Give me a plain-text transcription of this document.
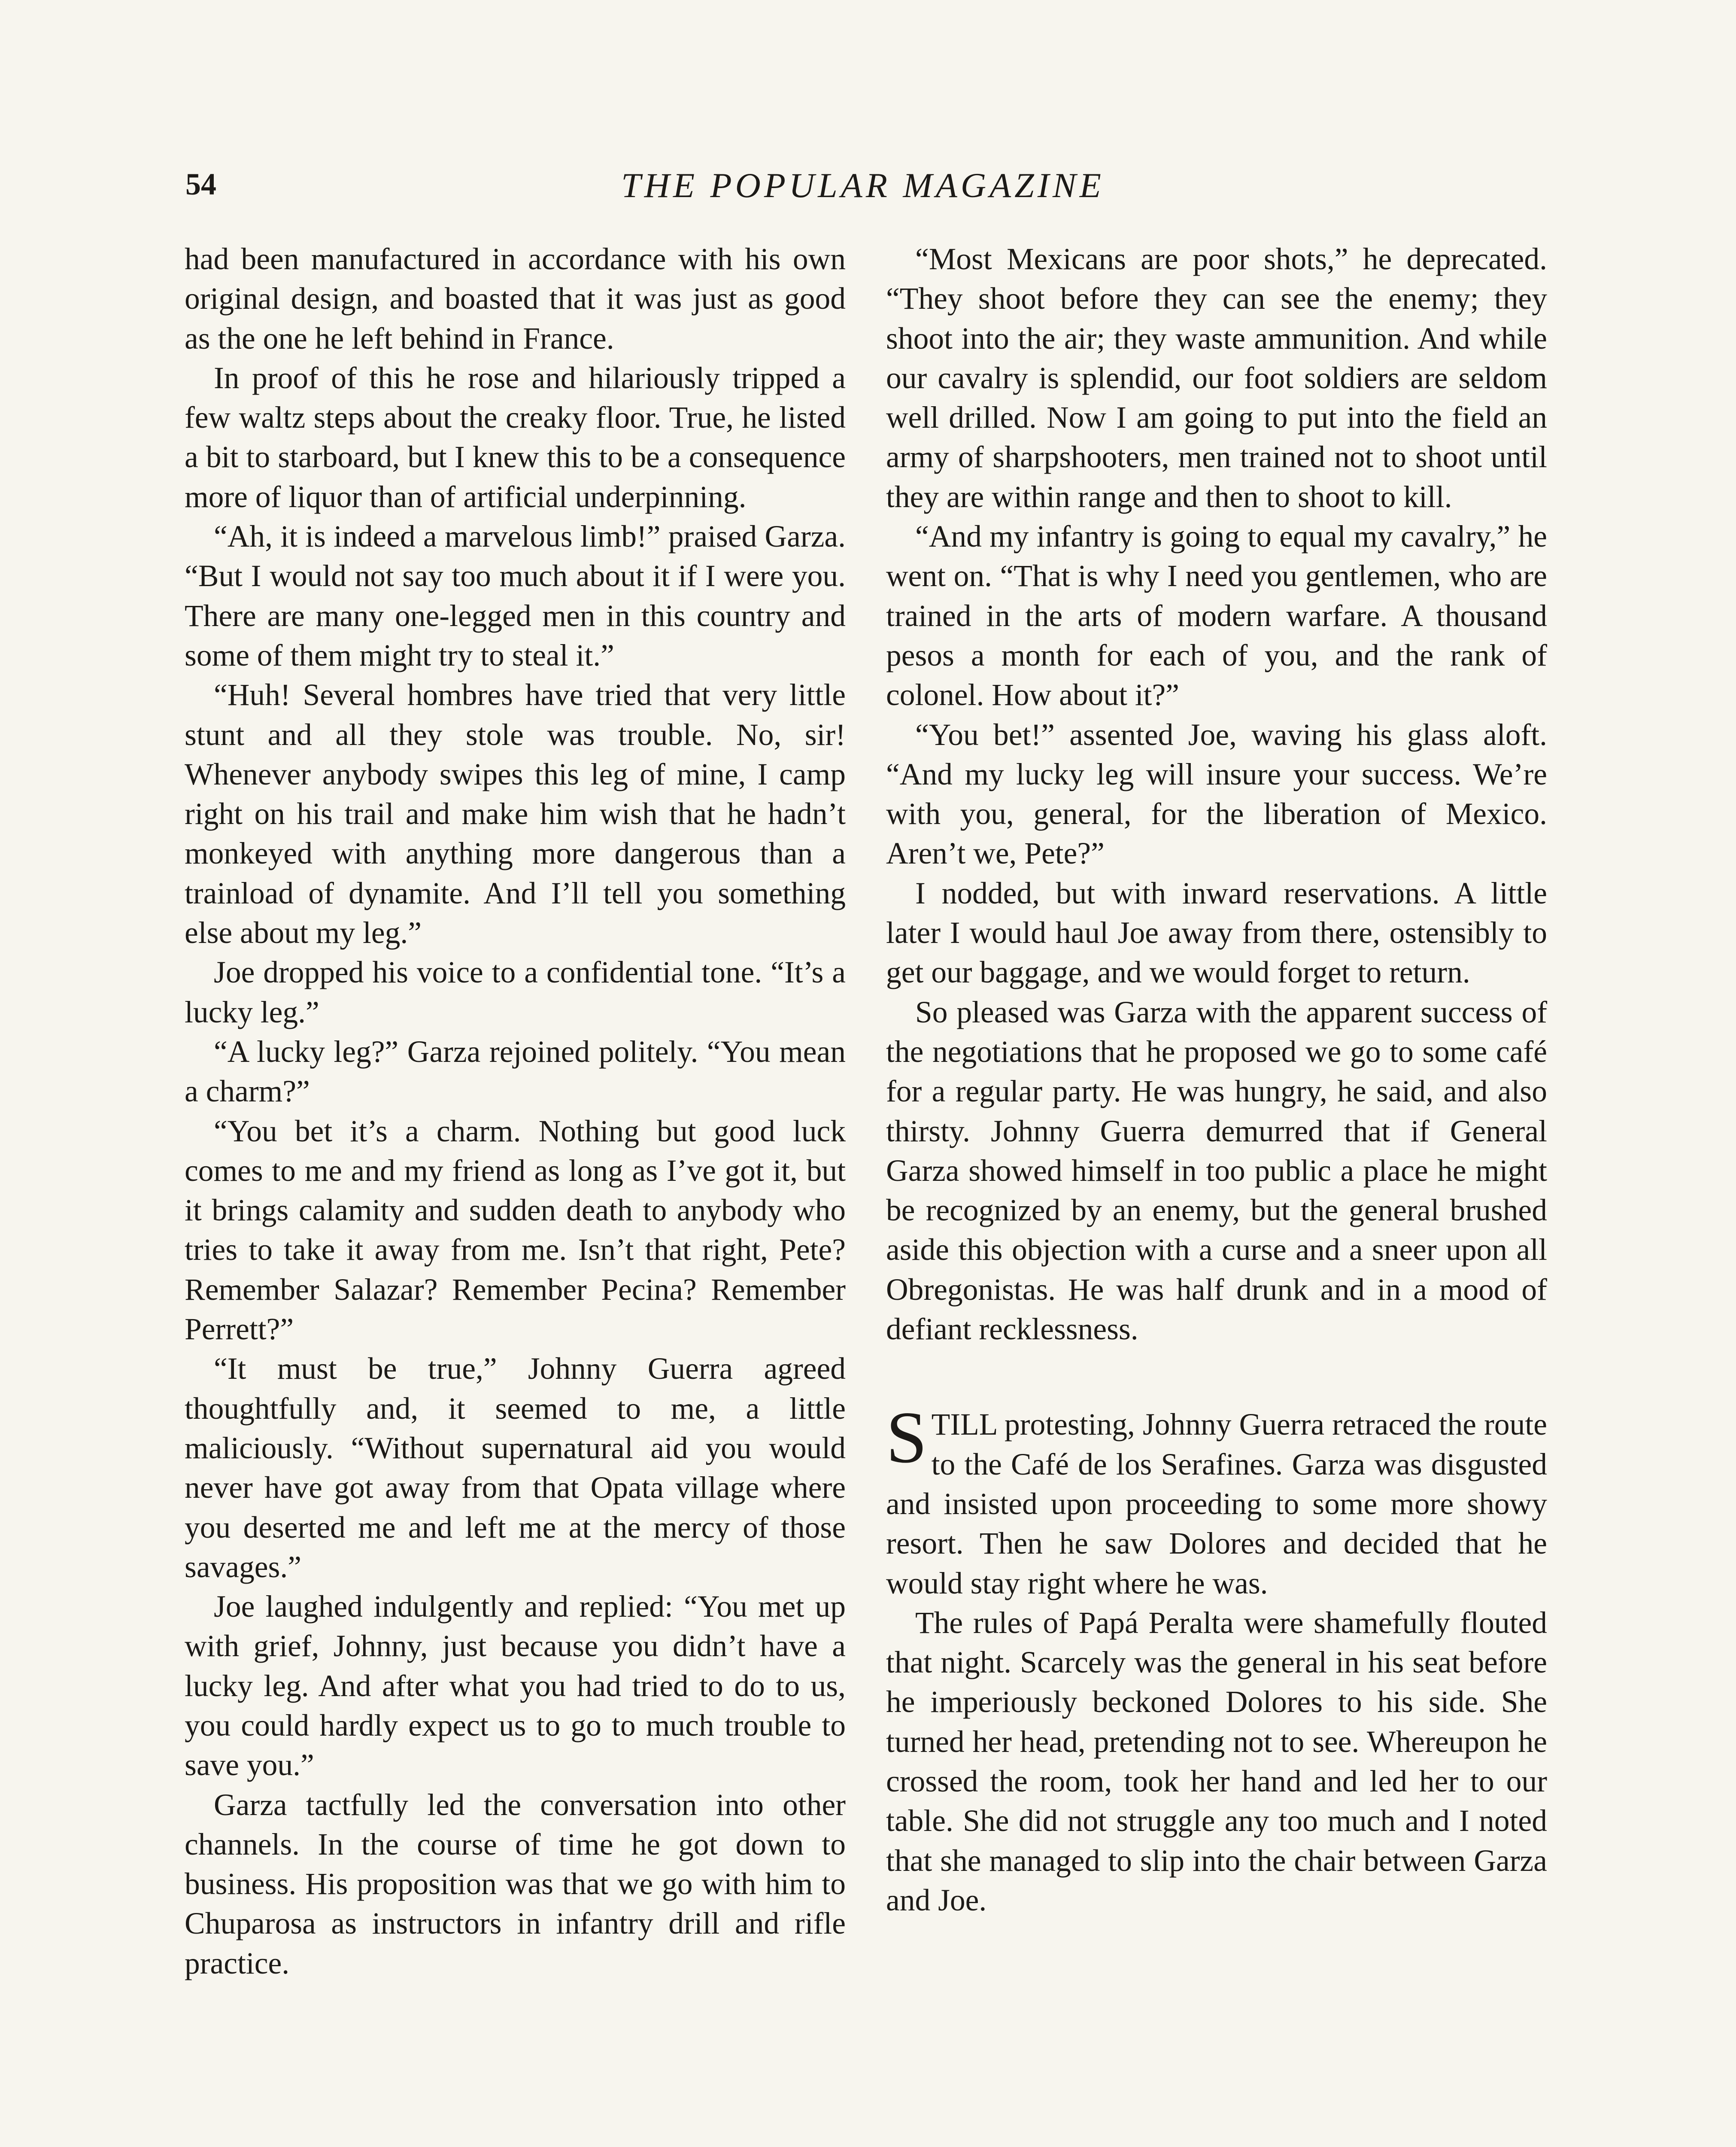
54	THE POPULAR MAGAZINE

had been manufactured in accordance with his own original design, and boasted that it was just as good as the one he left behind in France.

In proof of this he rose and hilariously tripped a few waltz steps about the creaky floor. True, he listed a bit to starboard, but I knew this to be a consequence more of liquor than of artificial underpinning.

“Ah, it is indeed a marvelous limb!” praised Garza. “But I would not say too much about it if I were you. There are many one-legged men in this country and some of them might try to steal it.”

“Huh! Several hombres have tried that very little stunt and all they stole was trouble. No, sir! Whenever anybody swipes this leg of mine, I camp right on his trail and make him wish that he hadn’t monkeyed with anything more dangerous than a trainload of dynamite. And I’ll tell you something else about my leg.”

Joe dropped his voice to a confidential tone. “It’s a lucky leg.”

“A lucky leg?” Garza rejoined politely. “You mean a charm?”

“You bet it’s a charm. Nothing but good luck comes to me and my friend as long as I’ve got it, but it brings calamity and sudden death to anybody who tries to take it away from me. Isn’t that right, Pete? Remember Salazar? Remember Pecina? Remember Perrett?”

“It must be true,” Johnny Guerra agreed thoughtfully and, it seemed to me, a little maliciously. “Without supernatural aid you would never have got away from that Opata village where you deserted me and left me at the mercy of those savages.”

Joe laughed indulgently and replied: “You met up with grief, Johnny, just because you didn’t have a lucky leg. And after what you had tried to do to us, you could hardly expect us to go to much trouble to save you.”

Garza tactfully led the conversation into other channels. In the course of time he got down to business. His proposition was that we go with him to Chuparosa as instructors in infantry drill and rifle practice.

“Most Mexicans are poor shots,” he deprecated. “They shoot before they can see the enemy; they shoot into the air; they waste ammunition. And while our cavalry is splendid, our foot soldiers are seldom well drilled. Now I am going to put into the field an army of sharpshooters, men trained not to shoot until they are within range and then to shoot to kill.

“And my infantry is going to equal my cavalry,” he went on. “That is why I need you gentlemen, who are trained in the arts of modern warfare. A thousand pesos a month for each of you, and the rank of colonel. How about it?”

“You bet!” assented Joe, waving his glass aloft. “And my lucky leg will insure your success. We’re with you, general, for the liberation of Mexico. Aren’t we, Pete?”

I nodded, but with inward reservations. A little later I would haul Joe away from there, ostensibly to get our baggage, and we would forget to return.

So pleased was Garza with the apparent success of the negotiations that he proposed we go to some café for a regular party. He was hungry, he said, and also thirsty. Johnny Guerra demurred that if General Garza showed himself in too public a place he might be recognized by an enemy, but the general brushed aside this objection with a curse and a sneer upon all Obregonistas. He was half drunk and in a mood of defiant recklessness.

STILL protesting, Johnny Guerra retraced the route to the Café de los Serafines. Garza was disgusted and insisted upon proceeding to some more showy resort. Then he saw Dolores and decided that he would stay right where he was.

The rules of Papá Peralta were shamefully flouted that night. Scarcely was the general in his seat before he imperiously beckoned Dolores to his side. She turned her head, pretending not to see. Whereupon he crossed the room, took her hand and led her to our table. She did not struggle any too much and I noted that she managed to slip into the chair between Garza and Joe.
